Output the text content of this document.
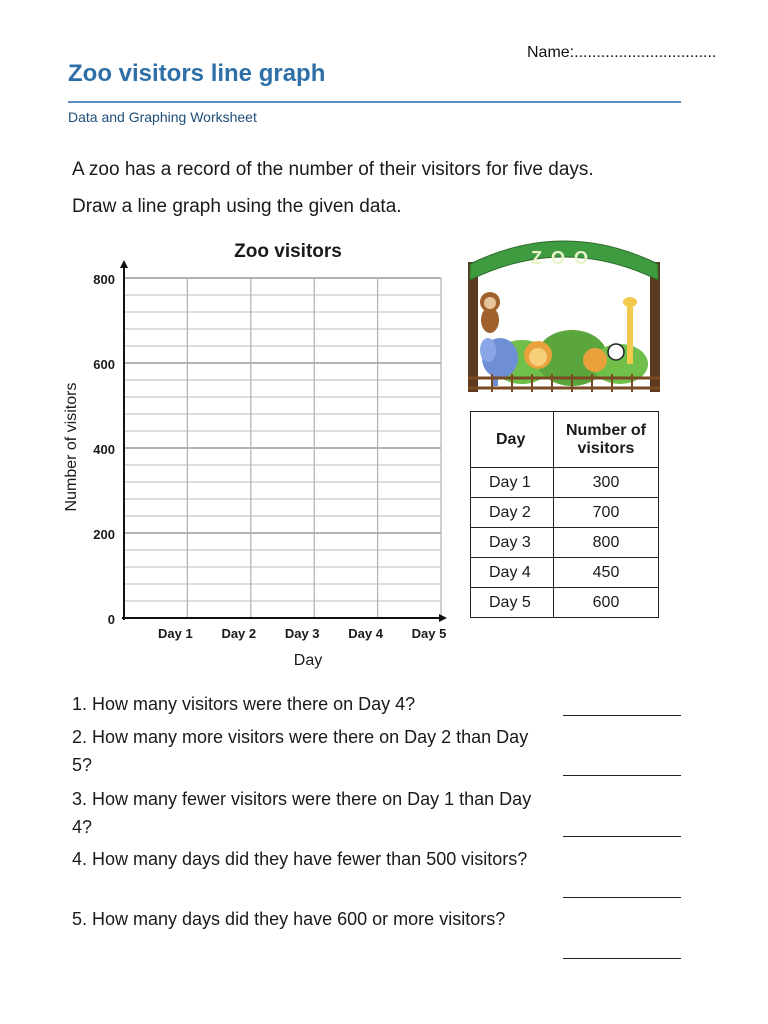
Name:................................
Zoo visitors line graph
Data and Graphing Worksheet
A zoo has a record of the number of their visitors for five days.
Draw a line graph using the given data.
Zoo visitors
0
200
400
600
800
Day 1 Day 2 Day 3 Day 4 Day 5
Day
Number of visitors
ZOO
Day	Number of visitors
Day 1	300
Day 2	700
Day 3	800
Day 4	450
Day 5	600
1. How many visitors were there on Day 4?
2. How many more visitors were there on Day 2 than Day 5?
3. How many fewer visitors were there on Day 1 than Day 4?
4. How many days did they have fewer than 500 visitors?
5. How many days did they have 600 or more visitors?
